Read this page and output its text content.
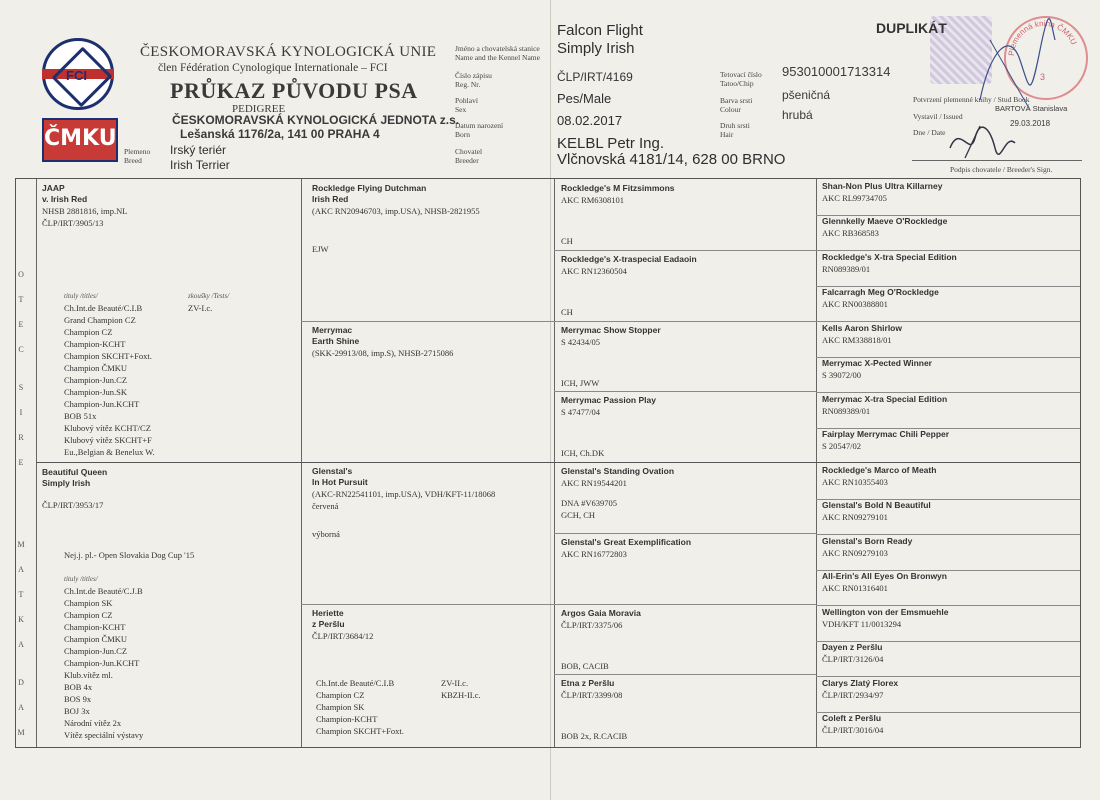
FCI
ČMKU
ČESKOMORAVSKÁ KYNOLOGICKÁ UNIE
člen Fédération Cynologique Internationale – FCI
PRŮKAZ PŮVODU PSA
PEDIGREE
ČESKOMORAVSKÁ KYNOLOGICKÁ JEDNOTA z.s.
Lešanská 1176/2a, 141 00 PRAHA 4
Plemeno
Breed
Irský teriér
Irish Terrier
Jméno a chovatelská stanice
Name and the Kennel Name
Číslo zápisu
Reg. Nr.
Pohlaví
Sex
Datum narození
Born
Chovatel
Breeder
Falcon Flight
Simply Irish
ČLP/IRT/4169
Pes/Male
08.02.2017
KELBL Petr Ing.
Vlčnovská 4181/14, 628 00 BRNO
Tetovací číslo
Tatoo/Chip
Barva srsti
Colour
Druh srsti
Hair
953010001713314
pšeničná
hrubá
DUPLIKÁT
Potvrzení plemenné knihy / Stud Book
Vystavil / Issued
Dne / Date
BARTOVÁ Stanislava
29.03.2018
Podpis chovatele / Breeder's Sign.
Plemenná kniha ČMKU
3
O

T

E

C

S

I

R

E
M

A

T

K

A

D

A

M
JAAP
v. Irish Red
NHSB 2881816, imp.NL
ČLP/IRT/3905/13
tituly /titles/	zkoušky /Tests/
ZV-I.c.
Ch.Int.de Beauté/C.I.B
Grand Champion CZ
Champion CZ
Champion-KCHT
Champion SKCHT+Foxt.
Champion ČMKU
Champion-Jun.CZ
Champion-Jun.SK
Champion-Jun.KCHT
BOB 51x
Klubový vítěz KCHT/CZ
Klubový vítěz SKCHT+F
Eu.,Belgian & Benelux W.
Beautiful Queen
Simply Irish
ČLP/IRT/3953/17
Nej.j. pl.- Open Slovakia Dog Cup '15
tituly /titles/
Ch.Int.de Beauté/C.J.B
Champion SK
Champion CZ
Champion-KCHT
Champion ČMKU
Champion-Jun.CZ
Champion-Jun.KCHT
Klub.vítěz ml.
BOB 4x
BOS 9x
BOJ 3x
Národní vítěz 2x
Vítěz speciální výstavy
Rockledge Flying Dutchman
Irish Red
(AKC RN20946703, imp.USA), NHSB-2821955
EJW
Merrymac
Earth Shine
(SKK-29913/08, imp.S), NHSB-2715086
Glenstal's
In Hot Pursuit
(AKC-RN22541101, imp.USA), VDH/KFT-11/18068
červená
výborná
Heriette
z Peršlu
ČLP/IRT/3684/12
Ch.Int.de Beauté/C.I.B
Champion CZ
Champion SK
Champion-KCHT
Champion SKCHT+Foxt.
ZV-II.c.
KBZH-II.c.
Rockledge's M Fitzsimmons
AKC RM6308101
CH
Rockledge's X-traspecial Eadaoin
AKC RN12360504
CH
Merrymac Show Stopper
S 42434/05
ICH, JWW
Merrymac Passion Play
S 47477/04
ICH, Ch.DK
Glenstal's Standing Ovation
AKC RN19544201
DNA #V639705
GCH, CH
Glenstal's Great Exemplification
AKC RN16772803
Argos Gaia Moravia
ČLP/IRT/3375/06
BOB, CACIB
Etna z Peršlu
ČLP/IRT/3399/08
BOB 2x, R.CACIB
Shan-Non Plus Ultra Killarney
AKC RL99734705
Glennkelly Maeve O'Rockledge
AKC RB368583
Rockledge's X-tra Special Edition
RN089389/01
Falcarragh Meg O'Rockledge
AKC RN00388801
Kells Aaron Shirlow
AKC RM338818/01
Merrymac X-Pected Winner
S 39072/00
Merrymac X-tra Special Edition
RN089389/01
Fairplay Merrymac Chili Pepper
S 20547/02
Rockledge's Marco of Meath
AKC RN10355403
Glenstal's Bold N Beautiful
AKC RN09279101
Glenstal's Born Ready
AKC RN09279103
All-Erin's All Eyes On Bronwyn
AKC RN01316401
Wellington von der Emsmuehle
VDH/KFT 11/0013294
Dayen z Peršlu
ČLP/IRT/3126/04
Clarys Zlatý Florex
ČLP/IRT/2934/97
Coleft z Peršlu
ČLP/IRT/3016/04
